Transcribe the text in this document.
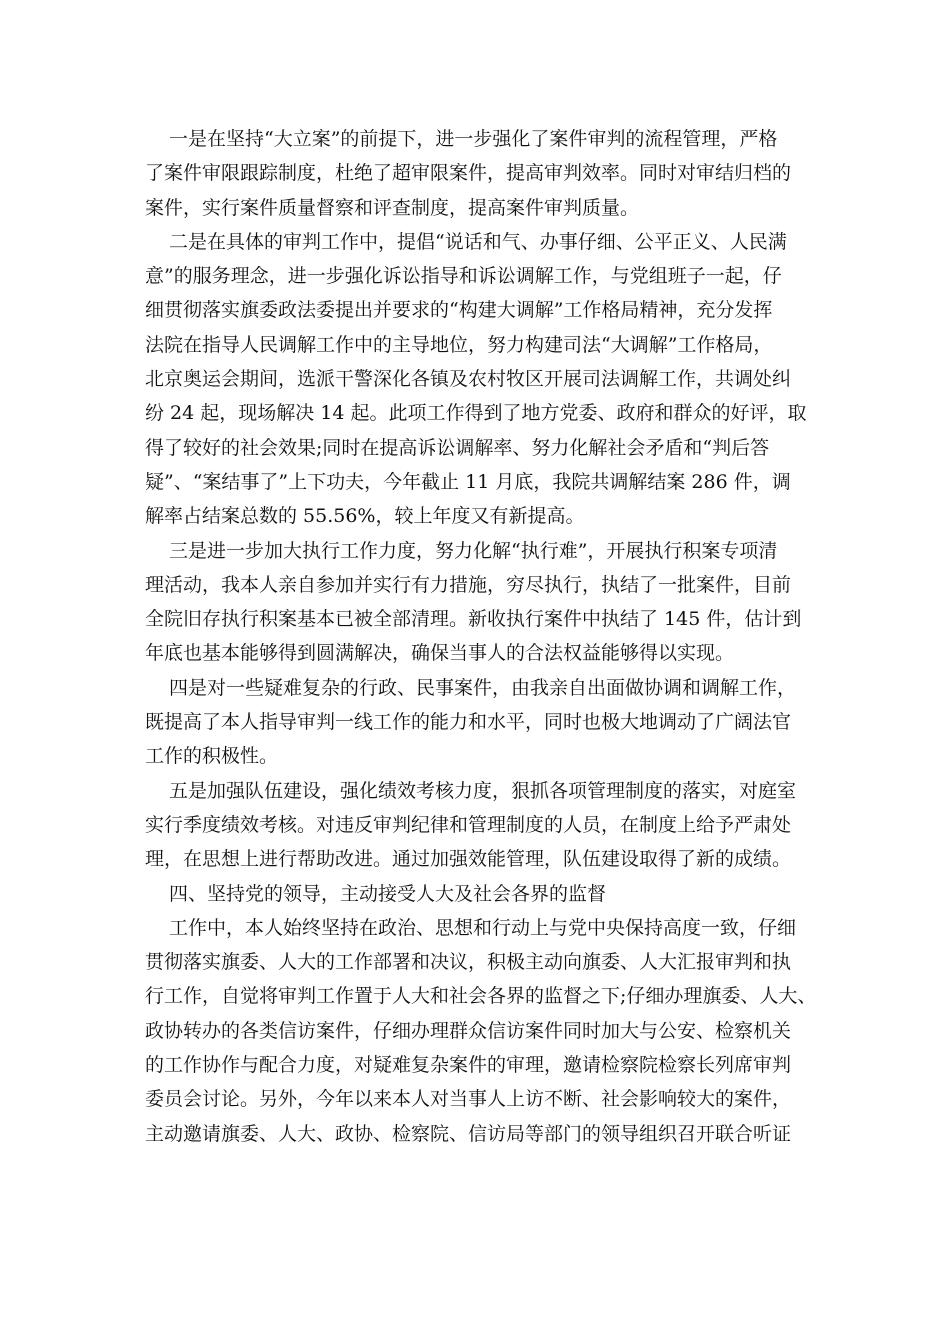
一是在坚持“大立案”的前提下，进一步强化了案件审判的流程管理，严格
了案件审限跟踪制度，杜绝了超审限案件，提高审判效率。同时对审结归档的
案件，实行案件质量督察和评查制度，提高案件审判质量。
二是在具体的审判工作中，提倡“说话和气、办事仔细、公平正义、人民满
意”的服务理念，进一步强化诉讼指导和诉讼调解工作，与党组班子一起，仔
细贯彻落实旗委政法委提出并要求的“构建大调解”工作格局精神，充分发挥
法院在指导人民调解工作中的主导地位，努力构建司法“大调解”工作格局，
北京奥运会期间，选派干警深化各镇及农村牧区开展司法调解工作，共调处纠
纷 24 起，现场解决 14 起。此项工作得到了地方党委、政府和群众的好评，取
得了较好的社会效果;同时在提高诉讼调解率、努力化解社会矛盾和“判后答
疑”、“案结事了”上下功夫，今年截止 11 月底，我院共调解结案 286 件，调
解率占结案总数的 55.56%，较上年度又有新提高。
三是进一步加大执行工作力度，努力化解“执行难”，开展执行积案专项清
理活动，我本人亲自参加并实行有力措施，穷尽执行，执结了一批案件，目前
全院旧存执行积案基本已被全部清理。新收执行案件中执结了 145 件，估计到
年底也基本能够得到圆满解决，确保当事人的合法权益能够得以实现。
四是对一些疑难复杂的行政、民事案件，由我亲自出面做协调和调解工作，
既提高了本人指导审判一线工作的能力和水平，同时也极大地调动了广阔法官
工作的积极性。
五是加强队伍建设，强化绩效考核力度，狠抓各项管理制度的落实，对庭室
实行季度绩效考核。对违反审判纪律和管理制度的人员，在制度上给予严肃处
理，在思想上进行帮助改进。通过加强效能管理，队伍建设取得了新的成绩。
四、坚持党的领导，主动接受人大及社会各界的监督
工作中，本人始终坚持在政治、思想和行动上与党中央保持高度一致，仔细
贯彻落实旗委、人大的工作部署和决议，积极主动向旗委、人大汇报审判和执
行工作，自觉将审判工作置于人大和社会各界的监督之下;仔细办理旗委、人大、
政协转办的各类信访案件，仔细办理群众信访案件同时加大与公安、检察机关
的工作协作与配合力度，对疑难复杂案件的审理，邀请检察院检察长列席审判
委员会讨论。另外，今年以来本人对当事人上访不断、社会影响较大的案件，
主动邀请旗委、人大、政协、检察院、信访局等部门的领导组织召开联合听证
